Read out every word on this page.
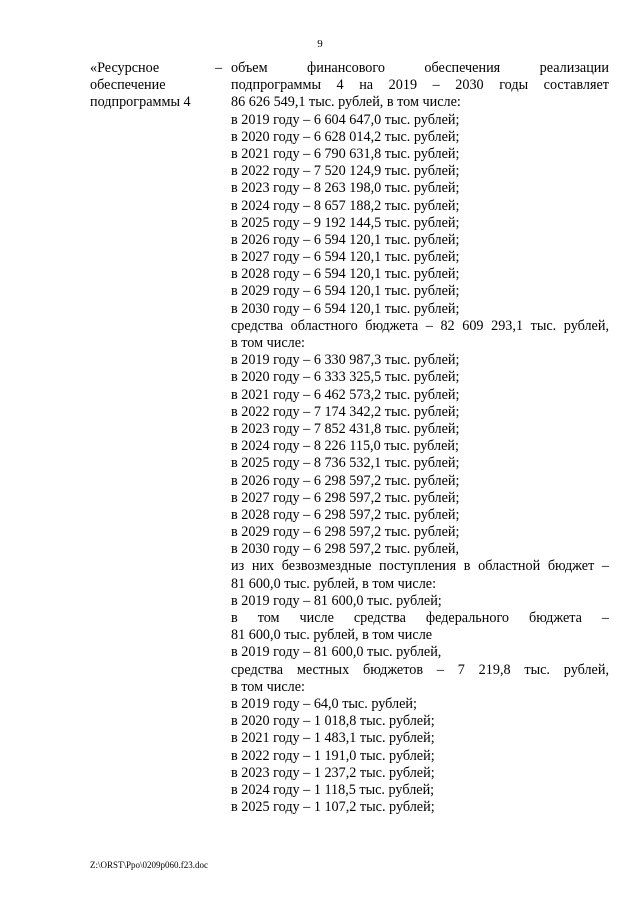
9
«Ресурсное
обеспечение
подпрограммы 4
– объем финансового обеспечения реализации
подпрограммы 4 на 2019 – 2030 годы составляет
86 626 549,1 тыс. рублей, в том числе:
в 2019 году – 6 604 647,0 тыс. рублей;
в 2020 году – 6 628 014,2 тыс. рублей;
в 2021 году – 6 790 631,8 тыс. рублей;
в 2022 году – 7 520 124,9 тыс. рублей;
в 2023 году – 8 263 198,0 тыс. рублей;
в 2024 году – 8 657 188,2 тыс. рублей;
в 2025 году – 9 192 144,5 тыс. рублей;
в 2026 году – 6 594 120,1 тыс. рублей;
в 2027 году – 6 594 120,1 тыс. рублей;
в 2028 году – 6 594 120,1 тыс. рублей;
в 2029 году – 6 594 120,1 тыс. рублей;
в 2030 году – 6 594 120,1 тыс. рублей;
средства областного бюджета – 82 609 293,1 тыс. рублей,
в том числе:
в 2019 году – 6 330 987,3 тыс. рублей;
в 2020 году – 6 333 325,5 тыс. рублей;
в 2021 году – 6 462 573,2 тыс. рублей;
в 2022 году – 7 174 342,2 тыс. рублей;
в 2023 году – 7 852 431,8 тыс. рублей;
в 2024 году – 8 226 115,0 тыс. рублей;
в 2025 году – 8 736 532,1 тыс. рублей;
в 2026 году – 6 298 597,2 тыс. рублей;
в 2027 году – 6 298 597,2 тыс. рублей;
в 2028 году – 6 298 597,2 тыс. рублей;
в 2029 году – 6 298 597,2 тыс. рублей;
в 2030 году – 6 298 597,2 тыс. рублей,
из них безвозмездные поступления в областной бюджет –
81 600,0 тыс. рублей, в том числе:
в 2019 году – 81 600,0 тыс. рублей;
в том числе средства федерального бюджета –
81 600,0 тыс. рублей, в том числе
в 2019 году – 81 600,0 тыс. рублей,
средства местных бюджетов – 7 219,8 тыс. рублей,
в том числе:
в 2019 году – 64,0 тыс. рублей;
в 2020 году – 1 018,8 тыс. рублей;
в 2021 году – 1 483,1 тыс. рублей;
в 2022 году – 1 191,0 тыс. рублей;
в 2023 году – 1 237,2 тыс. рублей;
в 2024 году – 1 118,5 тыс. рублей;
в 2025 году – 1 107,2 тыс. рублей;
Z:\ORST\Ppo\0209p060.f23.doc
